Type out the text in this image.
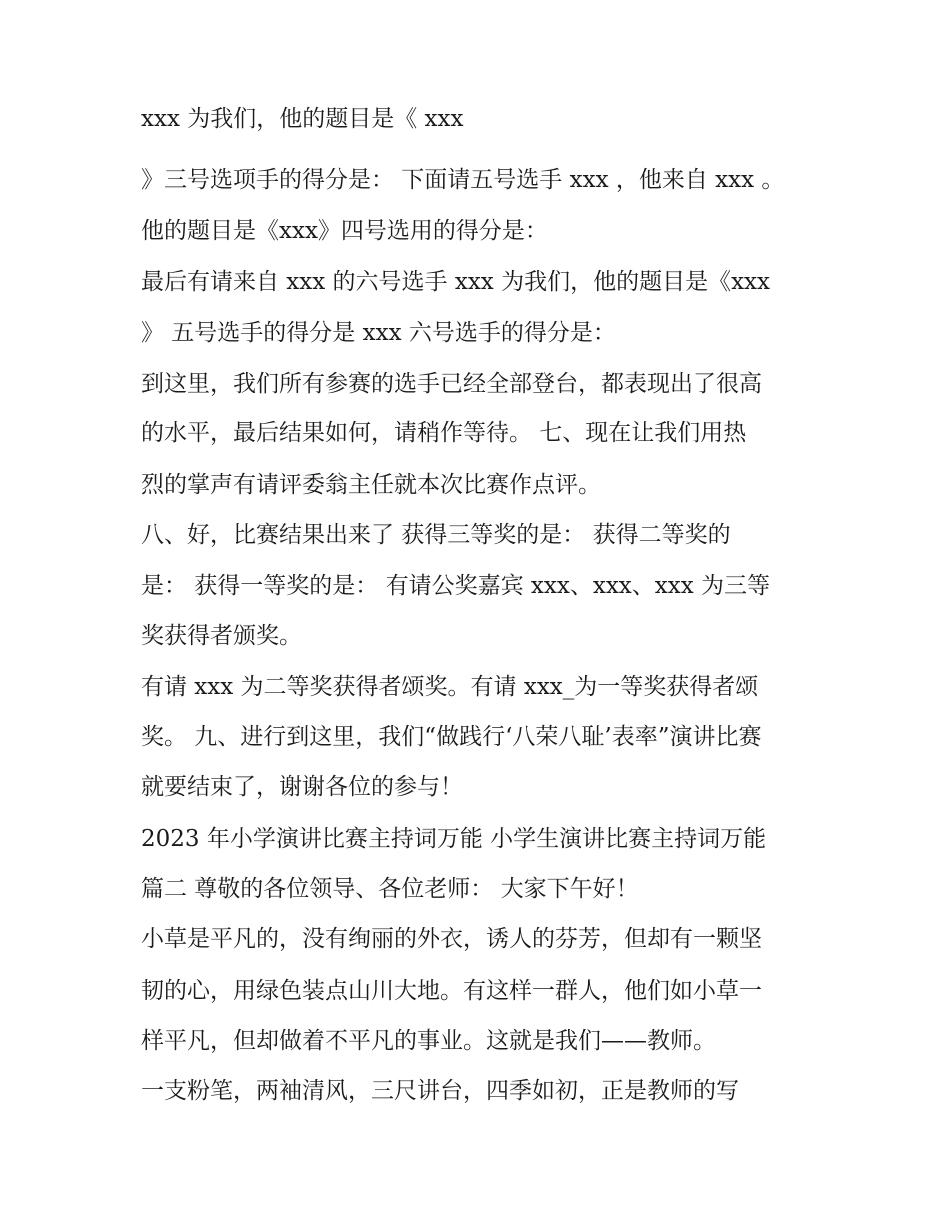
xxx 为我们，他的题目是《 xxx

》三号选项手的得分是： 下面请五号选手 xxx ，他来自 xxx 。

他的题目是《xxx》四号选用的得分是：

最后有请来自 xxx 的六号选手 xxx 为我们，他的题目是《xxx

》 五号选手的得分是 xxx 六号选手的得分是：

到这里，我们所有参赛的选手已经全部登台，都表现出了很高

的水平，最后结果如何，请稍作等待。 七、现在让我们用热

烈的掌声有请评委翁主任就本次比赛作点评。

八、好，比赛结果出来了 获得三等奖的是： 获得二等奖的

是： 获得一等奖的是： 有请公奖嘉宾 xxx、xxx、xxx 为三等

奖获得者颁奖。

有请 xxx 为二等奖获得者颂奖。有请 xxx_为一等奖获得者颂

奖。 九、进行到这里，我们“做践行‘八荣八耻’表率”演讲比赛

就要结束了，谢谢各位的参与！

2023 年小学演讲比赛主持词万能 小学生演讲比赛主持词万能

篇二 尊敬的各位领导、各位老师： 大家下午好！

小草是平凡的，没有绚丽的外衣，诱人的芬芳，但却有一颗坚

韧的心，用绿色装点山川大地。有这样一群人，他们如小草一

样平凡，但却做着不平凡的事业。这就是我们——教师。

一支粉笔，两袖清风，三尺讲台，四季如初，正是教师的写
